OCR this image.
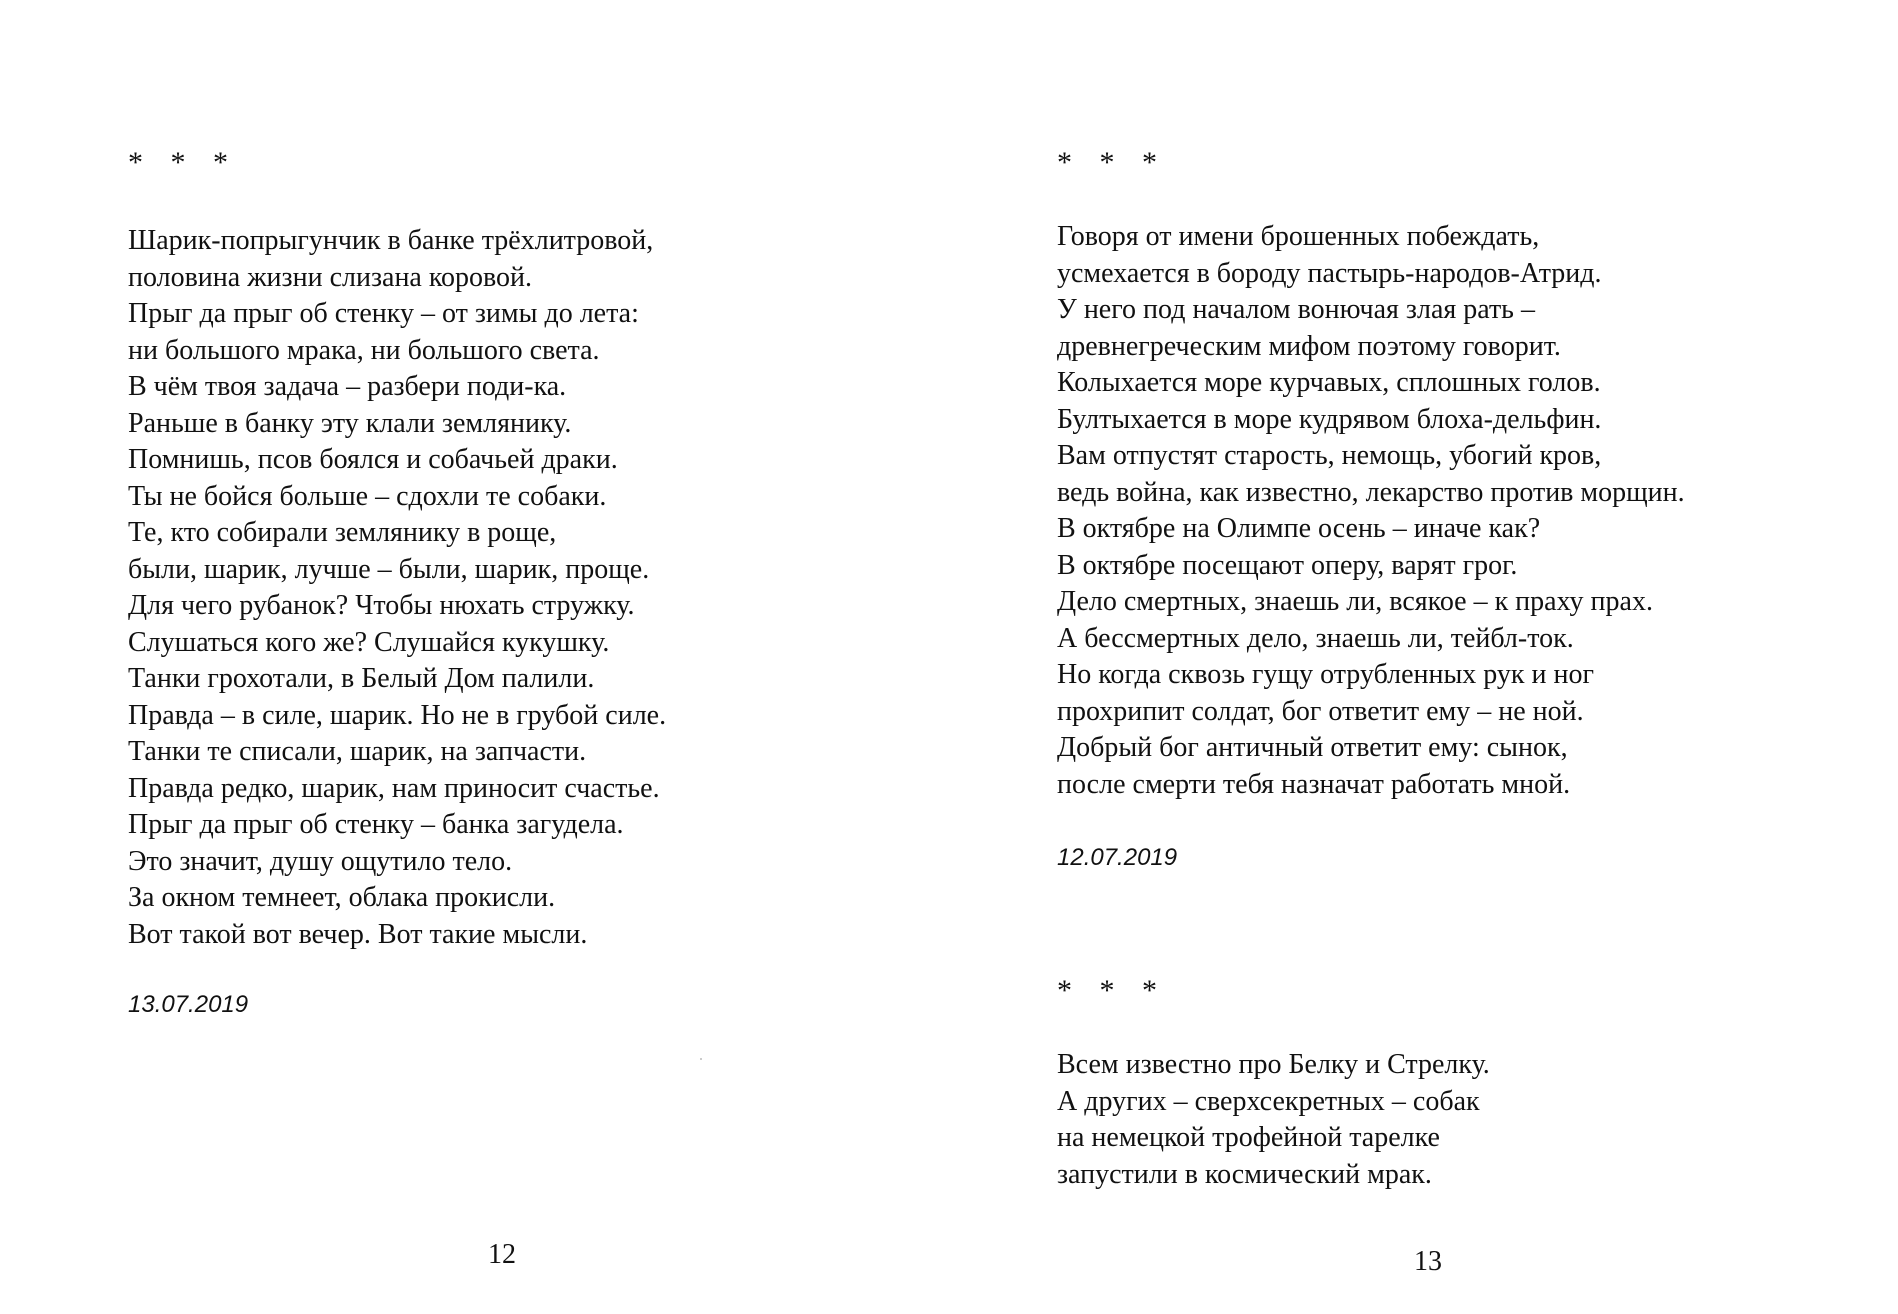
* * *
Шарик-попрыгунчик в банке трёхлитровой,
половина жизни слизана коровой.
Прыг да прыг об стенку – от зимы до лета:
ни большого мрака, ни большого света.
В чём твоя задача – разбери поди-ка.
Раньше в банку эту клали землянику.
Помнишь, псов боялся и собачьей драки.
Ты не бойся больше – сдохли те собаки.
Те, кто собирали землянику в роще,
были, шарик, лучше – были, шарик, проще.
Для чего рубанок? Чтобы нюхать стружку.
Слушаться кого же? Слушайся кукушку.
Танки грохотали, в Белый Дом палили.
Правда – в силе, шарик. Но не в грубой силе.
Танки те списали, шарик, на запчасти.
Правда редко, шарик, нам приносит счастье.
Прыг да прыг об стенку – банка загудела.
Это значит, душу ощутило тело.
За окном темнеет, облака прокисли.
Вот такой вот вечер. Вот такие мысли.
13.07.2019
12
* * *
Говоря от имени брошенных побеждать,
усмехается в бороду пастырь-народов-Атрид.
У него под началом вонючая злая рать –
древнегреческим мифом поэтому говорит.
Колыхается море курчавых, сплошных голов.
Бултыхается в море кудрявом блоха-дельфин.
Вам отпустят старость, немощь, убогий кров,
ведь война, как известно, лекарство против морщин.
В октябре на Олимпе осень – иначе как?
В октябре посещают оперу, варят грог.
Дело смертных, знаешь ли, всякое – к праху прах.
А бессмертных дело, знаешь ли, тейбл-ток.
Но когда сквозь гущу отрубленных рук и ног
прохрипит солдат, бог ответит ему – не ной.
Добрый бог античный ответит ему: сынок,
после смерти тебя назначат работать мной.
12.07.2019
* * *
Всем известно про Белку и Стрелку.
А других – сверхсекретных – собак
на немецкой трофейной тарелке
запустили в космический мрак.
13
